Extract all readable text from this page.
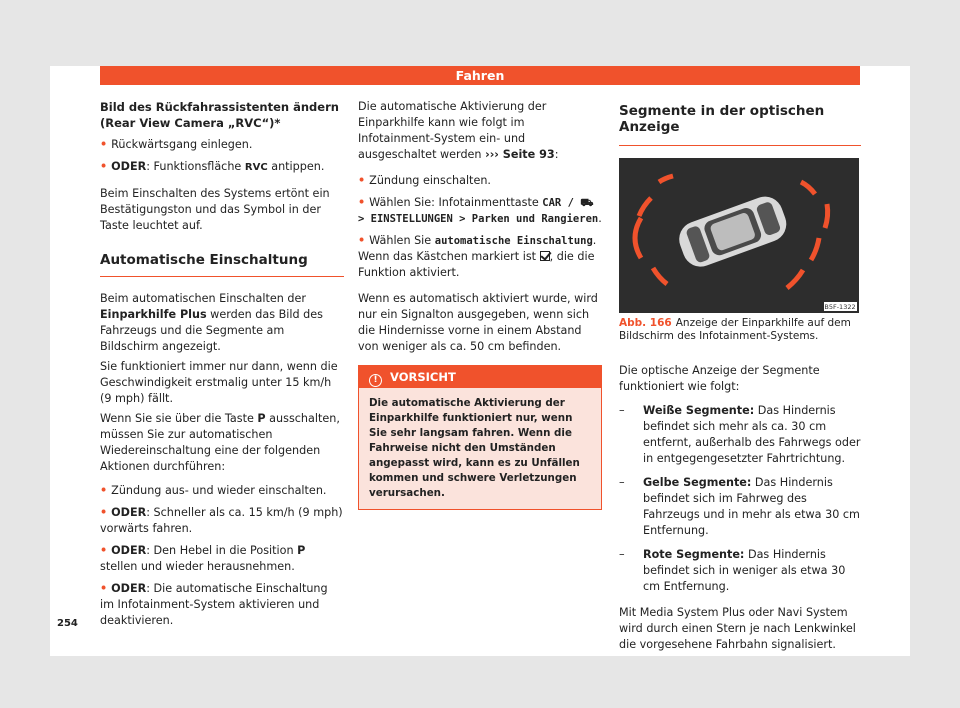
Fahren

Bild des Rückfahrassistenten ändern (Rear View Camera „RVC“)*

• Rückwärtsgang einlegen.
• ODER: Funktionsfläche RVC antippen.

Beim Einschalten des Systems ertönt ein Bestätigungston und das Symbol in der Taste leuchtet auf.

Automatische Einschaltung

Beim automatischen Einschalten der Einparkhilfe Plus werden das Bild des Fahrzeugs und die Segmente am Bildschirm angezeigt.

Sie funktioniert immer nur dann, wenn die Geschwindigkeit erstmalig unter 15 km/h (9 mph) fällt.

Wenn Sie sie über die Taste P ausschalten, müssen Sie zur automatischen Wiedereinschaltung eine der folgenden Aktionen durchführen:

• Zündung aus- und wieder einschalten.
• ODER: Schneller als ca. 15 km/h (9 mph) vorwärts fahren.
• ODER: Den Hebel in die Position P stellen und wieder herausnehmen.
• ODER: Die automatische Einschaltung im Infotainment-System aktivieren und deaktivieren.

Die automatische Aktivierung der Einparkhilfe kann wie folgt im Infotainment-System ein- und ausgeschaltet werden ››› Seite 93:

• Zündung einschalten.
• Wählen Sie: Infotainmenttaste CAR / ⛟ > EINSTELLUNGEN > Parken und Rangieren.
• Wählen Sie automatische Einschaltung. Wenn das Kästchen markiert ist , die die Funktion aktiviert.

Wenn es automatisch aktiviert wurde, wird nur ein Signalton ausgegeben, wenn sich die Hindernisse vorne in einem Abstand von weniger als ca. 50 cm befinden.

! VORSICHT
Die automatische Aktivierung der Einparkhilfe funktioniert nur, wenn Sie sehr langsam fahren. Wenn die Fahrweise nicht den Umständen angepasst wird, kann es zu Unfällen kommen und schwere Verletzungen verursachen.
Segmente in der optischen Anzeige
B5F-1322
Abb. 166 Anzeige der Einparkhilfe auf dem Bildschirm des Infotainment-Systems.

Die optische Anzeige der Segmente funktioniert wie folgt:

– Weiße Segmente: Das Hindernis befindet sich mehr als ca. 30 cm entfernt, außerhalb des Fahrwegs oder in entgegengesetzter Fahrtrichtung.
– Gelbe Segmente: Das Hindernis befindet sich im Fahrweg des Fahrzeugs und in mehr als etwa 30 cm Entfernung.
– Rote Segmente: Das Hindernis befindet sich in weniger als etwa 30 cm Entfernung.

Mit Media System Plus oder Navi System wird durch einen Stern je nach Lenkwinkel die vorgesehene Fahrbahn signalisiert.

254
